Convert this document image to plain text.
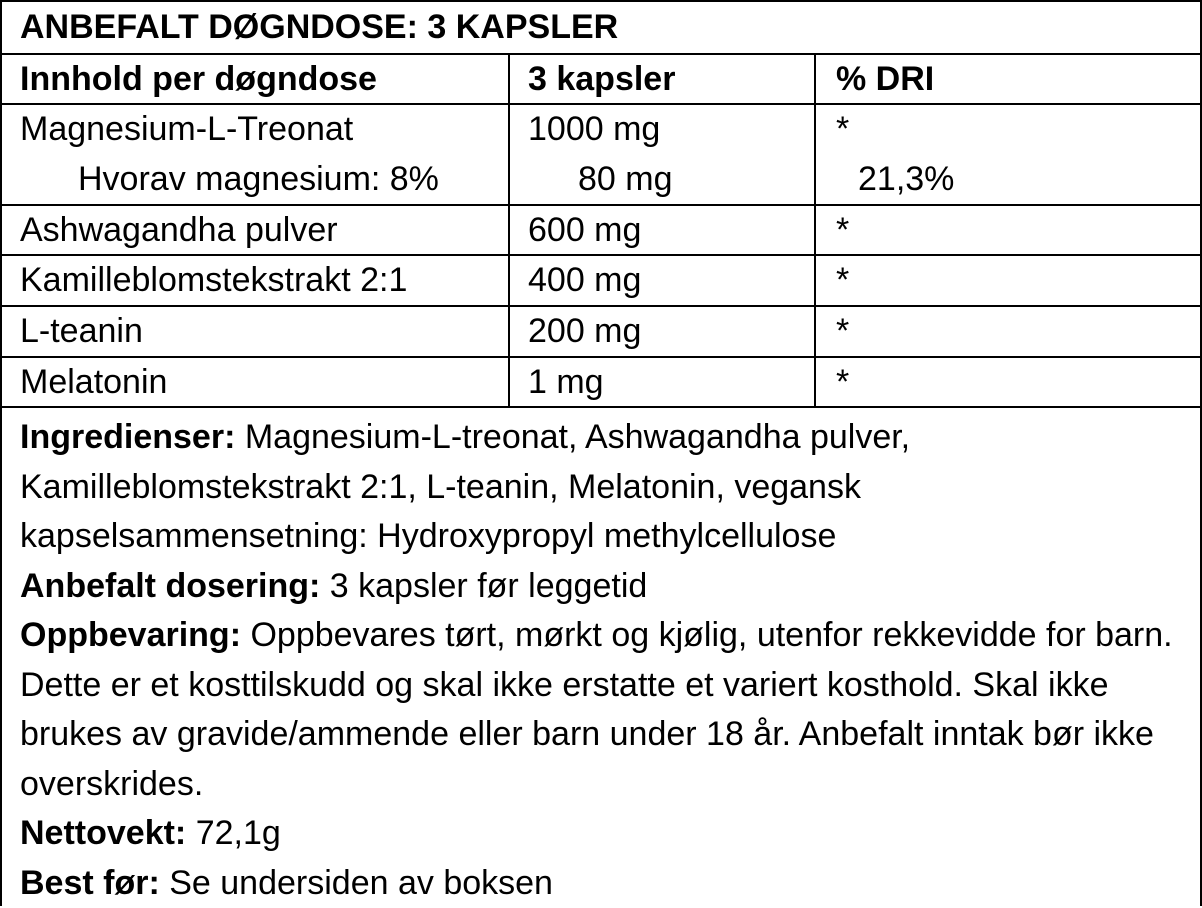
ANBEFALT DØGNDOSE: 3 KAPSLER
Innhold per døgndose	3 kapsler	% DRI
Magnesium-L-Treonat	1000 mg	*
Hvorav magnesium: 8%	80 mg	21,3%
Ashwagandha pulver	600 mg	*
Kamilleblomstekstrakt 2:1	400 mg	*
L-teanin	200 mg	*
Melatonin	1 mg	*

Ingredienser: Magnesium-L-treonat, Ashwagandha pulver, Kamilleblomstekstrakt 2:1, L-teanin, Melatonin, vegansk kapselsammensetning: Hydroxypropyl methylcellulose

Anbefalt dosering: 3 kapsler før leggetid

Oppbevaring: Oppbevares tørt, mørkt og kjølig, utenfor rekkevidde for barn. Dette er et kosttilskudd og skal ikke erstatte et variert kosthold. Skal ikke brukes av gravide/ammende eller barn under 18 år. Anbefalt inntak bør ikke overskrides.

Nettovekt: 72,1g

Best før: Se undersiden av boksen
